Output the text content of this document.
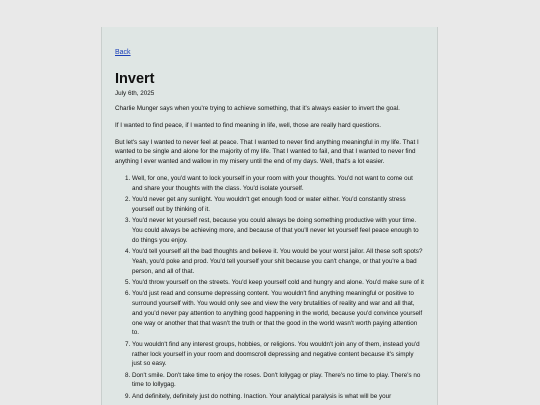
Back
Invert
July 6th, 2025

Charlie Munger says when you're trying to achieve something, that it's always easier to invert the goal.

If I wanted to find peace, if I wanted to find meaning in life, well, those are really hard questions.

But let's say I wanted to never feel at peace. That I wanted to never find anything meaningful in my life. That I wanted to be single and alone for the majority of my life. That I wanted to fail, and that I wanted to never find anything I ever wanted and wallow in my misery until the end of my days. Well, that's a lot easier.

1. Well, for one, you'd want to lock yourself in your room with your thoughts. You'd not want to come out and share your thoughts with the class. You'd isolate yourself.
2. You'd never get any sunlight. You wouldn't get enough food or water either. You'd constantly stress yourself out by thinking of it.
3. You'd never let yourself rest, because you could always be doing something productive with your time. You could always be achieving more, and because of that you'll never let yourself feel peace enough to do things you enjoy.
4. You'd tell yourself all the bad thoughts and believe it. You would be your worst jailor. All these soft spots? Yeah, you'd poke and prod. You'd tell yourself your shit because you can't change, or that you're a bad person, and all of that.
5. You'd throw yourself on the streets. You'd keep yourself cold and hungry and alone. You'd make sure of it
6. You'd just read and consume depressing content. You wouldn't find anything meaningful or positive to surround yourself with. You would only see and view the very brutalities of reality and war and all that, and you'd never pay attention to anything good happening in the world, because you'd convince yourself one way or another that that wasn't the truth or that the good in the world wasn't worth paying attention to.
7. You wouldn't find any interest groups, hobbies, or religions. You wouldn't join any of them, instead you'd rather lock yourself in your room and doomscroll depressing and negative content because it's simply just so easy.
8. Don't smile. Don't take time to enjoy the roses. Don't lollygag or play. There's no time to play. There's no time to lollygag.
9. And definitely, definitely just do nothing. Inaction. Your analytical paralysis is what will be your
